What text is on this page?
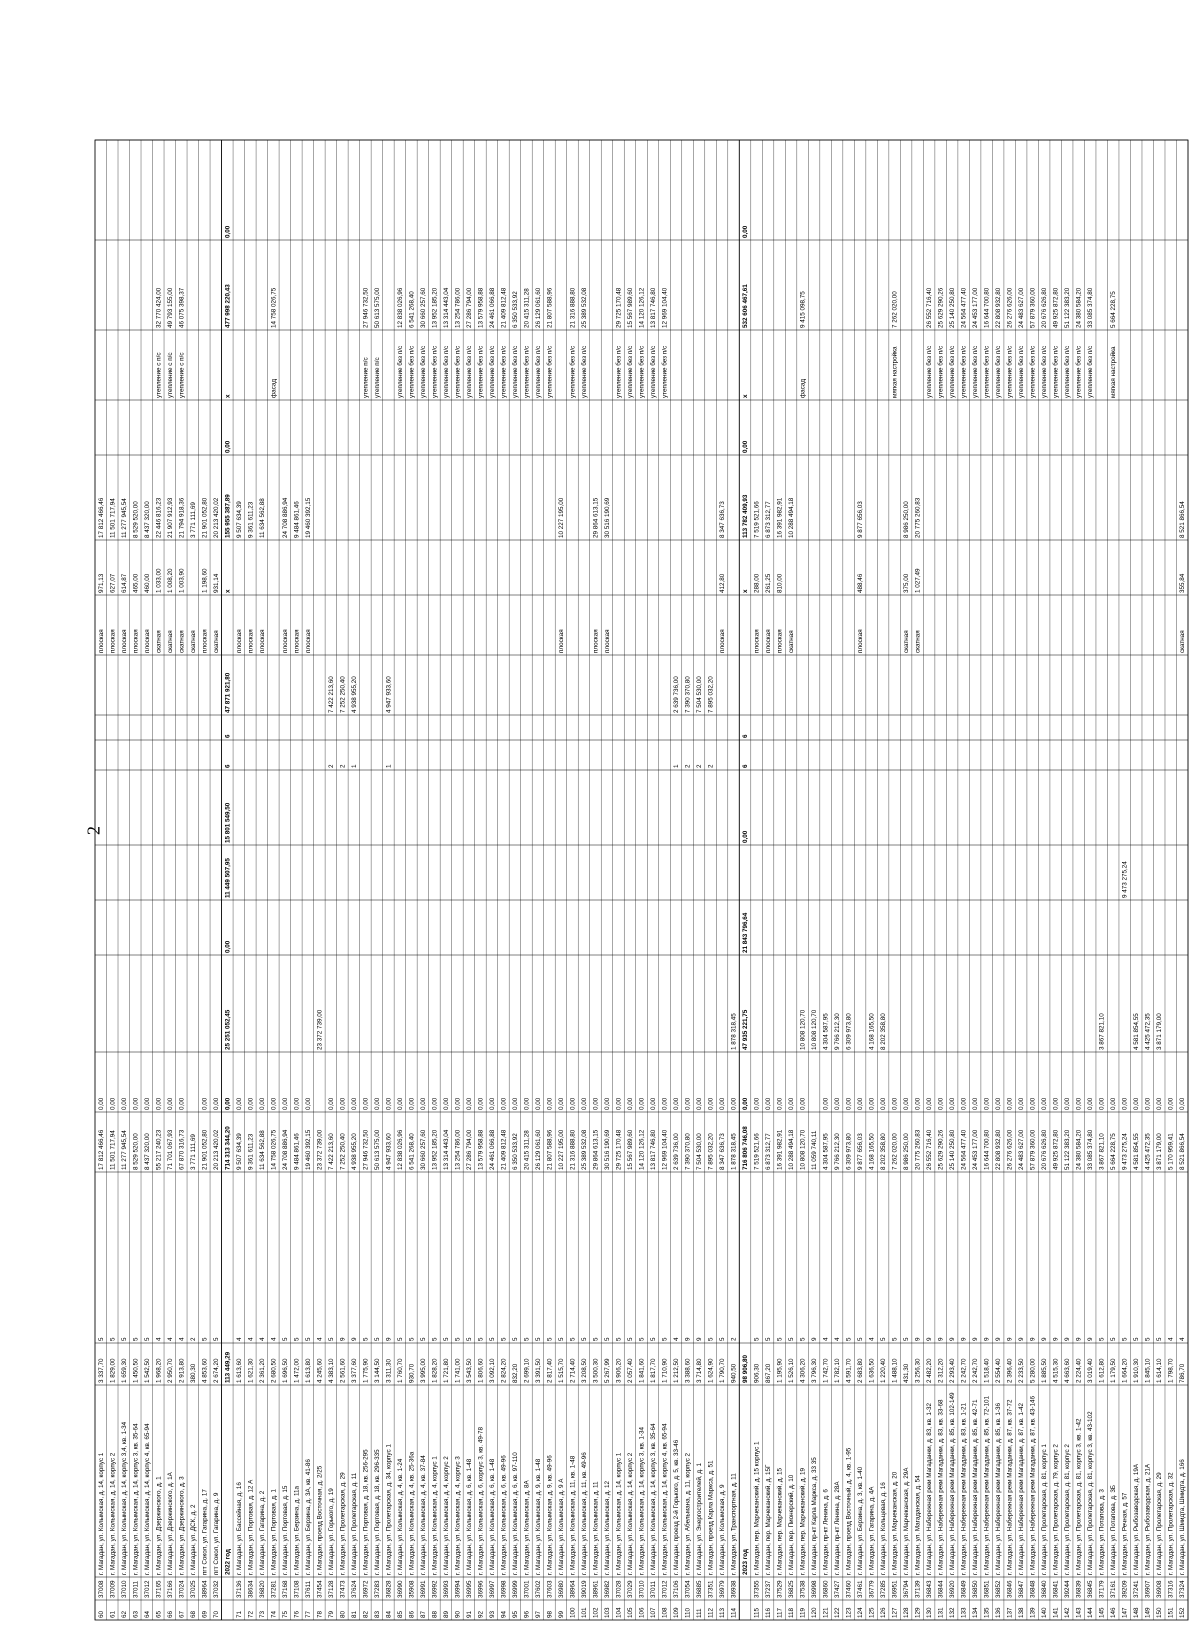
2
60
37008
г. Магадан, ул. Колымская, д. 14, корпус 1
3 337,70
5
17 812 466,46
0,00
плоская
971,13
17 812 466,46
61
37009
г. Магадан, ул. Колымская, д. 14, корпус 2
1 829,00
5
11 501 717,94
0,00
плоская
627,07
11 501 717,94
62
37010
г. Магадан, ул. Колымская, д. 14, корпус 3,4, кв. 1-34
1 659,30
5
11 277 945,54
0,00
плоская
614,87
11 277 945,54
63
37011
г. Магадан, ул. Колымская, д. 14, корпус 3, кв. 35-64
1 450,50
5
8 529 520,00
0,00
плоская
465,00
8 529 520,00
64
37012
г. Магадан, ул. Колымская, д. 14, корпус 4, кв. 65-94
1 542,50
5
8 437 320,00
0,00
плоская
460,00
8 437 320,00
65
37165
г. Магадан, ул. Дзержинского, д. 1
1 968,20
4
55 217 240,23
0,00
скатная
1 033,00
22 446 816,23
утепление с п/с
32 770 424,00
66
37166
г. Магадан, ул. Дзержинского, д. 1А
2 950,70
4
71 701 067,93
0,00
скатная
1 008,20
21 907 912,93
утепление с п/с
49 793 155,00
67
37024
г. Магадан, ул. Дзержинского, д. 3
2 913,80
4
67 870 316,73
0,00
скатная
1 003,90
21 794 918,36
утепление с п/с
46 075 398,37
68
37025
г. Магадан, ул. ДСК, д. 2
380,30
2
3 771 111,69
скатная
3 771 111,69
69
38964
пгт Сокол, ул. Гагарина, д. 17
4 853,60
5
21 901 052,80
0,00
плоская
1 198,60
21 901 052,80
70
37032
пгт Сокол, ул. Гагарина, д. 9
2 674,20
5
20 213 420,02
0,00
скатная
931,14
20 213 420,02
2022 год
113 449,29
714 313 344,20
0,00
25 251 052,45
0,00
11 449 507,95
15 801 549,50
6
6
47 871 921,80
х
155 955 387,89
0,00
х
477 998 220,43
0,00
71
37136
г. Магадан, ул. Бассейная, д. 16
1 613,60
4
9 507 634,39
0,00
плоская
9 507 634,39
72
38634
г. Магадан, ул. Портовая, д. 12 А
1 621,30
4
9 361 611,23
0,00
плоская
9 361 611,23
73
36820
г. Магадан, ул. Гагарина, д. 2
2 361,20
4
11 634 562,88
0,00
плоская
11 634 562,88
74
37281
г. Магадан, ул. Портовая, д. 1
2 680,50
4
14 758 026,75
0,00
фасад
14 758 026,75
75
37168
г. Магадан, ул. Портовая, д. 15
1 696,50
5
24 708 886,94
0,00
плоская
24 708 886,94
76
37108
г. Магадан, ул. Берзина, д. 11а
1 472,00
5
9 484 861,46
0,00
плоская
9 484 861,46
77
37611
г. Магадан, ул. Берзина, д. 3А, кв. 41-86
1 613,80
5
19 460 392,15
0,00
плоская
19 460 392,15
78
37454
г. Магадан, проезд Восточная, д. 2/25
4 245,60
4
23 372 739,00
23 372 739,00
79
37128
г. Магадан, ул. Горького, д. 19
4 383,10
5
7 422 213,60
0,00
2
7 422 213,60
80
37473
г. Магадан, ул. Пролетарская, д. 29
2 561,60
9
7 252 250,40
0,00
2
7 252 250,40
81
37624
г. Магадан, ул. Пролетарская, д. 11
3 377,60
9
4 938 955,20
0,00
1
4 938 955,20
82
36972
г. Магадан, ул. Портовая, д. 18, кв. 256-295
1 775,90
5
27 946 732,50
0,00
утепление п/с
27 946 732,50
83
37283
г. Магадан, ул. Портовая, д. 18, кв. 296-335
3 144,50
5
50 613 575,00
0,00
утепление п/с
50 613 575,00
84
36828
г. Магадан, ул. Пролетарская, д. 34, корпус 1
3 311,30
9
4 947 933,60
0,00
1
4 947 933,60
85
36990
г. Магадан, ул. Колымская, д. 4, кв. 1-24
1 760,70
5
12 838 026,96
0,00
утепление без п/с
12 838 026,96
86
35908
г. Магадан, ул. Колымская, д. 4, кв. 25-36а
930,70
5
6 541 268,40
0,00
утепление без п/с
6 541 268,40
87
36991
г. Магадан, ул. Колымская, д. 4, кв. 37-84
3 995,00
5
30 660 257,60
0,00
утепление без п/с
30 660 257,60
88
36992
г. Магадан, ул. Колымская, д. 4, корпус 1
1 828,20
5
13 952 185,20
0,00
утепление без п/с
13 952 185,20
89
36993
г. Магадан, ул. Колымская, д. 4, корпус 2
1 721,80
5
13 314 443,04
0,00
утепление без п/с
13 314 443,04
90
36994
г. Магадан, ул. Колымская, д. 4, корпус 3
1 741,00
5
13 254 786,00
0,00
утепление без п/с
13 254 786,00
91
36995
г. Магадан, ул. Колымская, д. 6, кв. 1-48
3 543,50
5
27 286 794,00
0,00
утепление без п/с
27 286 794,00
92
36996
г. Магадан, ул. Колымская, д. 6, корпус 3, кв. 49-78
1 806,60
5
13 579 958,88
0,00
утепление без п/с
13 579 958,88
93
36997
г. Магадан, ул. Колымская, д. 6, кв. 1-48
3 092,10
5
24 461 066,88
0,00
утепление без п/с
24 461 066,88
94
36998
г. Магадан, ул. Колымская, д. 6, кв. 49-96
2 824,20
5
21 409 812,48
0,00
утепление без п/с
21 409 812,48
95
36999
г. Магадан, ул. Колымская, д. 6, кв. 97-110
832,20
5
6 350 533,92
0,00
утепление без п/с
6 350 533,92
96
37001
г. Магадан, ул. Колымская, д. 8А
2 699,10
5
20 415 311,28
0,00
утепление без п/с
20 415 311,28
97
37602
г. Магадан, ул. Колымская, д. 9, кв. 1-48
3 391,50
5
26 129 061,60
0,00
утепление без п/с
26 129 061,60
98
37603
г. Магадан, ул. Колымская, д. 9, кв. 49-96
2 817,40
5
21 807 588,96
0,00
утепление без п/с
21 807 588,96
99
36980
г. Магадан, ул. Колымская, д. 9 А
1 515,70
5
10 227 195,00
0,00
плоская
10 227 195,00
100
38964
г. Магадан, ул. Колымская, д. 11, кв. 1-48
2 714,40
5
21 316 888,80
0,00
утепление без п/с
21 316 888,80
101
39019
г. Магадан, ул. Колымская, д. 11, кв. 49-96
3 208,50
5
25 389 532,08
0,00
утепление без п/с
25 389 532,08
102
38961
г. Магадан, ул. Колымская, д. 11
3 500,30
5
29 864 613,15
0,00
плоская
29 864 613,15
103
36982
г. Магадан, ул. Колымская, д. 12
5 267,99
5
30 516 190,69
0,00
плоская
30 516 190,69
104
37028
г. Магадан, ул. Колымская, д. 14, корпус 1
3 906,20
5
29 725 170,48
0,00
утепление без п/с
29 725 170,48
105
37029
г. Магадан, ул. Колымская, д. 14, корпус 2
2 057,40
5
15 567 989,60
0,00
утепление без п/с
15 567 989,60
106
37010
г. Магадан, ул. Колымская, д. 14, корпус 3, кв. 1-34
1 841,60
5
14 120 126,12
0,00
утепление без п/с
14 120 126,12
107
37011
г. Магадан, ул. Колымская, д. 14, корпус 3, кв. 35-64
1 817,70
5
13 817 746,80
0,00
утепление без п/с
13 817 746,80
108
37012
г. Магадан, ул. Колымская, д. 14, корпус 4, кв. 65-94
1 710,90
5
12 969 104,40
0,00
утепление без п/с
12 969 104,40
109
37106
г. Магадан, проезд 2-й Горького, д. 5, кв. 33-46
1 212,50
4
2 639 736,00
0,00
1
2 639 736,00
110
37054
г. Магадан, ул. Абельмана, д. 11, корпус 2
3 388,60
9
7 390 370,80
0,00
2
7 390 370,80
111
36885
г. Магадан, ул. Энергостроителей, д. 1
3 714,80
9
7 504 530,00
0,00
2
7 504 530,00
112
37351
г. Магадан, проезд Карла Маркса, д. 51
1 624,90
5
7 895 032,20
0,00
2
7 895 032,20
113
36979
г. Магадан, ул. Колымская, д. 9
1 790,70
5
8 347 636,73
0,00
плоская
412,80
8 347 636,73
114
36938
г. Магадан, ул. Транспортная, д. 11
940,50
2
1 878 318,45
0,00
1 878 318,45
2023 год
98 906,80
716 806 746,08
0,00
47 935 221,75
21 843 796,64
0,00
6
6
х
113 782 409,93
0,00
х
532 606 467,61
0,00
115
37355
г. Магадан, пер. Марчеканский, д. 15 корпус 1
906,30
5
7 519 521,66
0,00
плоская
288,00
7 519 521,66
116
37237
г. Магадан, пер. Марчеканский, д. 15Г
867,20
5
6 873 312,77
0,00
плоская
261,25
6 873 312,77
117
37529
г. Магадан, пер. Марчеканский, д. 15
1 195,90
5
16 391 982,91
0,00
плоская
810,00
16 391 982,91
118
36825
г. Магадан, пер. Пионерский, д. 10
1 526,10
5
10 288 494,18
0,00
скатная
10 288 494,18
119
37538
г. Магадан, пер. Марчеканский, д. 19
4 306,20
5
10 808 120,70
0,00
10 808 120,70
фасад
9 415 098,75
120
36998
г. Магадан, пр-кт Карла Маркса, д. 33 35
3 796,30
9
11 059 740,11
10 808 120,70
121
36860
г. Магадан, пр-кт Ленина, д. 6
1 742,70
4
4 304 587,95
0,00
4 304 587,95
122
37427
г. Магадан, пр-кт Ленина, д. 28А
1 782,10
4
9 766 212,30
0,00
9 766 212,30
123
37460
г. Магадан, проезд Восточный, д. 4, кв. 1-95
4 591,70
5
6 309 973,80
0,00
6 309 973,80
124
37461
г. Магадан, ул. Берзина, д. 3, кв. 1-40
2 683,80
5
9 877 656,03
0,00
плоская
488,46
9 877 656,03
125
36779
г. Магадан, ул. Гагарина, д. 4А
1 636,50
4
4 168 165,50
0,00
4 168 165,50
126
37285
г. Магадан, ул. Кольцевая, д. 16
1 220,40
5
8 202 358,80
0,00
8 202 358,80
127
36951
г. Магадан, ул. Марчеканская, д. 20
1 488,10
5
7 262 020,00
0,00
мягкая настройка
7 262 020,00
128
36794
г. Магадан, ул. Марчеканская, д. 29А
431,30
5
8 986 250,00
0,00
скатная
375,00
8 986 250,00
129
37139
г. Магадан, ул. Магаданская, д. 54
3 256,30
9
20 775 260,83
0,00
скатная
1 027,49
20 775 260,83
130
36843
г. Магадан, ул. Набережная реки Магаданки, д. 83, кв. 1-32
2 482,20
9
26 552 716,40
0,00
утепление без п/с
26 552 716,40
131
36844
г. Магадан, ул. Набережная реки Магаданки, д. 83, кв. 33-68
2 312,20
9
25 629 290,26
0,00
утепление без п/с
25 629 290,26
132
36920
г. Магадан, ул. Набережная реки Магаданки, д. 85, кв. 102-149
2 293,40
9
25 140 250,80
0,00
утепление без п/с
25 140 250,80
133
36849
г. Магадан, ул. Набережная реки Магаданки, д. 83, кв. 1-21
2 242,70
9
24 564 477,40
0,00
утепление без п/с
24 564 477,40
134
36850
г. Магадан, ул. Набережная реки Магаданки, д. 85, кв. 42-71
2 242,70
9
24 453 177,00
0,00
утепление без п/с
24 453 177,00
135
36851
г. Магадан, ул. Набережная реки Магаданки, д. 85, кв. 72-101
1 518,40
9
16 644 700,80
0,00
утепление без п/с
16 644 700,80
136
36852
г. Магадан, ул. Набережная реки Магаданки, д. 85, кв. 1-36
2 554,40
9
22 808 932,80
0,00
утепление без п/с
22 808 932,80
137
36846
г. Магадан, ул. Набережная реки Магаданки, д. 87, кв. 37-72
2 396,40
9
26 276 626,00
0,00
утепление без п/с
26 276 626,00
138
36847
г. Магадан, ул. Набережная реки Магаданки, д. 87, кв. 1-42
2 233,50
9
24 483 627,00
0,00
утепление без п/с
24 483 627,00
139
36848
г. Магадан, ул. Набережная реки Магаданки, д. 87, кв. 43-146
5 280,00
9
57 879 360,00
0,00
утепление без п/с
57 879 360,00
140
36840
г. Магадан, ул. Пролетарская, д. 81, корпус 1
1 885,50
9
20 676 626,80
0,00
утепление без п/с
20 676 626,80
141
36841
г. Магадан, ул. Пролетарская, д. 79, корпус 2
4 515,30
9
49 925 872,80
0,00
утепление без п/с
49 925 872,80
142
39244
г. Магадан, ул. Пролетарская, д. 81, корпус 2
4 663,60
9
51 122 383,20
0,00
утепление без п/с
51 122 383,20
143
36839
г. Магадан, ул. Пролетарская, д. 81, корпус 3, кв. 1-42
2 224,40
9
24 380 584,20
0,00
утепление без п/с
24 380 584,20
144
36845
г. Магадан, ул. Пролетарская, д. 81, корпус 3, кв. 43-102
3 019,40
9
33 085 374,80
0,00
утепление без п/с
33 085 374,80
145
37179
г. Магадан, ул. Потапова, д. 3
1 612,80
5
3 867 821,10
0,00
3 867 821,10
146
37161
г. Магадан, ул. Потапова, д. 3Б
1 179,50
5
5 664 228,75
0,00
мягкая настройка
5 664 228,75
147
39209
г. Магадан, ул. Речная, д. 57
1 664,20
5
9 473 275,24
0,00
9 473 275,24
148
37241
г. Магадан, ул. Рыбозаводская, д. 19А
1 910,30
5
4 581 854,55
0,00
4 581 854,55
149
36907
г. Магадан, ул. Рыбозаводская, д. 21А
1 845,10
5
4 425 472,35
0,00
4 425 472,35
150
36908
г. Магадан, ул. Пролетарская, д. 29
1 614,10
5
3 871 179,00
0,00
3 871 179,00
151
37316
г. Магадан, ул. Пролетарская, д. 32
1 798,70
4
5 170 959,41
0,00
152
37324
г. Магадан, ул. Шмидта, Шмидта, д. 166
786,70
4
8 521 866,54
0,00
скатная
355,84
8 521 866,54
